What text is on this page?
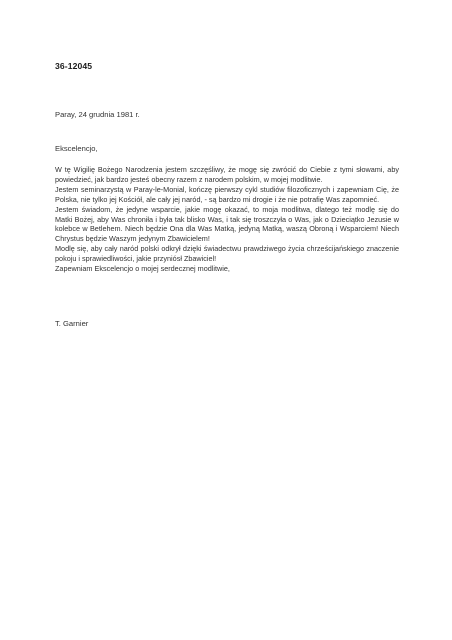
36-12045
Paray, 24 grudnia 1981 r.
Ekscelencjo,

W tę Wigilię Bożego Narodzenia jestem szczęśliwy, że mogę się zwrócić do Ciebie z tymi słowami, aby powiedzieć, jak bardzo jesteś obecny razem z narodem polskim, w mojej modlitwie.

Jestem seminarzystą w Paray-le-Monial, kończę pierwszy cykl studiów filozoficznych i zapewniam Cię, że Polska, nie tylko jej Kościół, ale cały jej naród, - są bardzo mi drogie i że nie potrafię Was zapomnieć.

Jestem świadom, że jedyne wsparcie, jakie mogę okazać, to moja modlitwa, dlatego też modlę się do Matki Bożej, aby Was chroniła i była tak blisko Was, i tak się troszczyła o Was, jak o Dzieciątko Jezusie w kolebce w Betlehem. Niech będzie Ona dla Was Matką, jedyną Matką, waszą Obroną i Wsparciem! Niech Chrystus będzie Waszym jedynym Zbawicielem!

Modlę się, aby cały naród polski odkrył dzięki świadectwu prawdziwego życia chrześcijańskiego znaczenie pokoju i sprawiedliwości, jakie przyniósł Zbawiciel!

Zapewniam Ekscelencjo o mojej serdecznej modlitwie,

T. Garnier
